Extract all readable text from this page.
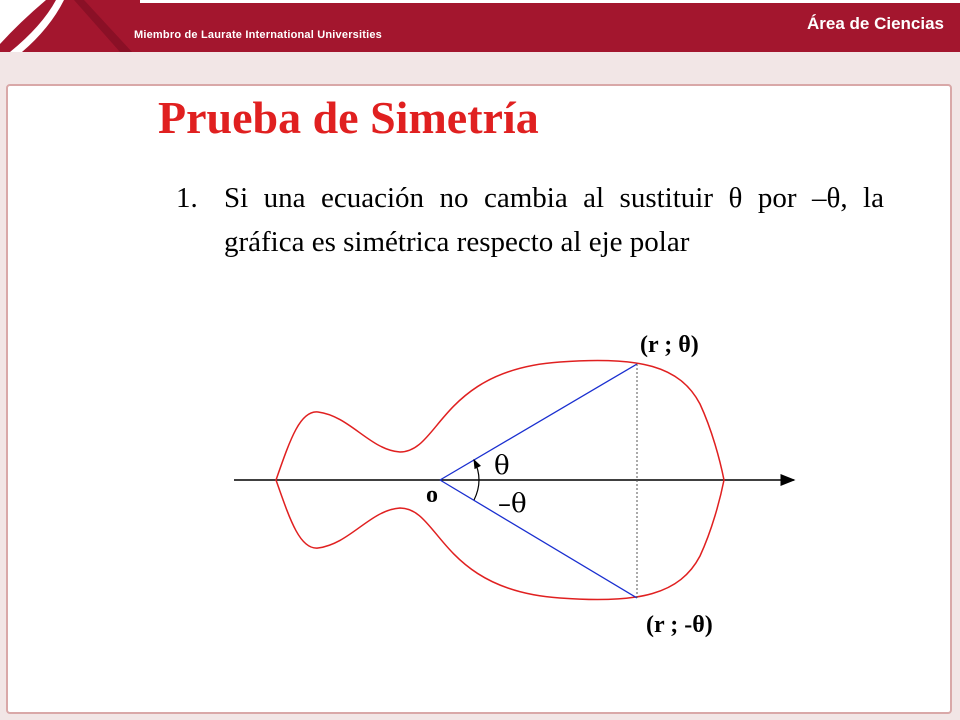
Miembro de Laurate International Universities
Área de Ciencias
Prueba de Simetría
1. Si una ecuación no cambia al sustituir θ por –θ, la gráfica es simétrica respecto al eje polar
(r ; θ)
(r ; -θ)
o
θ
–θ
